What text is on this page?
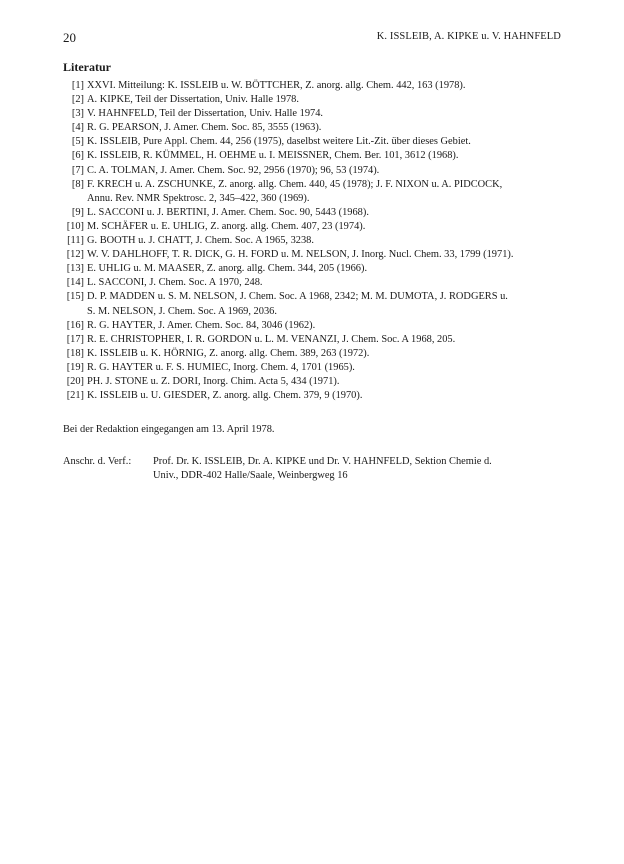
20	K. ISSLEIB, A. KIPKE u. V. HAHNFELD
Literatur
[1] XXVI. Mitteilung: K. ISSLEIB u. W. BÖTTCHER, Z. anorg. allg. Chem. 442, 163 (1978).
[2] A. KIPKE, Teil der Dissertation, Univ. Halle 1978.
[3] V. HAHNFELD, Teil der Dissertation, Univ. Halle 1974.
[4] R. G. PEARSON, J. Amer. Chem. Soc. 85, 3555 (1963).
[5] K. ISSLEIB, Pure Appl. Chem. 44, 256 (1975), daselbst weitere Lit.-Zit. über dieses Gebiet.
[6] K. ISSLEIB, R. KÜMMEL, H. OEHME u. I. MEISSNER, Chem. Ber. 101, 3612 (1968).
[7] C. A. TOLMAN, J. Amer. Chem. Soc. 92, 2956 (1970); 96, 53 (1974).
[8] F. KRECH u. A. ZSCHUNKE, Z. anorg. allg. Chem. 440, 45 (1978); J. F. NIXON u. A. PIDCOCK,
Annu. Rev. NMR Spektrosc. 2, 345–422, 360 (1969).
[9] L. SACCONI u. J. BERTINI, J. Amer. Chem. Soc. 90, 5443 (1968).
[10] M. SCHÄFER u. E. UHLIG, Z. anorg. allg. Chem. 407, 23 (1974).
[11] G. BOOTH u. J. CHATT, J. Chem. Soc. A 1965, 3238.
[12] W. V. DAHLHOFF, T. R. DICK, G. H. FORD u. M. NELSON, J. Inorg. Nucl. Chem. 33, 1799 (1971).
[13] E. UHLIG u. M. MAASER, Z. anorg. allg. Chem. 344, 205 (1966).
[14] L. SACCONI, J. Chem. Soc. A 1970, 248.
[15] D. P. MADDEN u. S. M. NELSON, J. Chem. Soc. A 1968, 2342; M. M. DUMOTA, J. RODGERS u.
S. M. NELSON, J. Chem. Soc. A 1969, 2036.
[16] R. G. HAYTER, J. Amer. Chem. Soc. 84, 3046 (1962).
[17] R. E. CHRISTOPHER, I. R. GORDON u. L. M. VENANZI, J. Chem. Soc. A 1968, 205.
[18] K. ISSLEIB u. K. HÖRNIG, Z. anorg. allg. Chem. 389, 263 (1972).
[19] R. G. HAYTER u. F. S. HUMIEC, Inorg. Chem. 4, 1701 (1965).
[20] PH. J. STONE u. Z. DORI, Inorg. Chim. Acta 5, 434 (1971).
[21] K. ISSLEIB u. U. GIESDER, Z. anorg. allg. Chem. 379, 9 (1970).
Bei der Redaktion eingegangen am 13. April 1978.
Anschr. d. Verf.: Prof. Dr. K. ISSLEIB, Dr. A. KIPKE und Dr. V. HAHNFELD, Sektion Chemie d.
Univ., DDR-402 Halle/Saale, Weinbergweg 16
